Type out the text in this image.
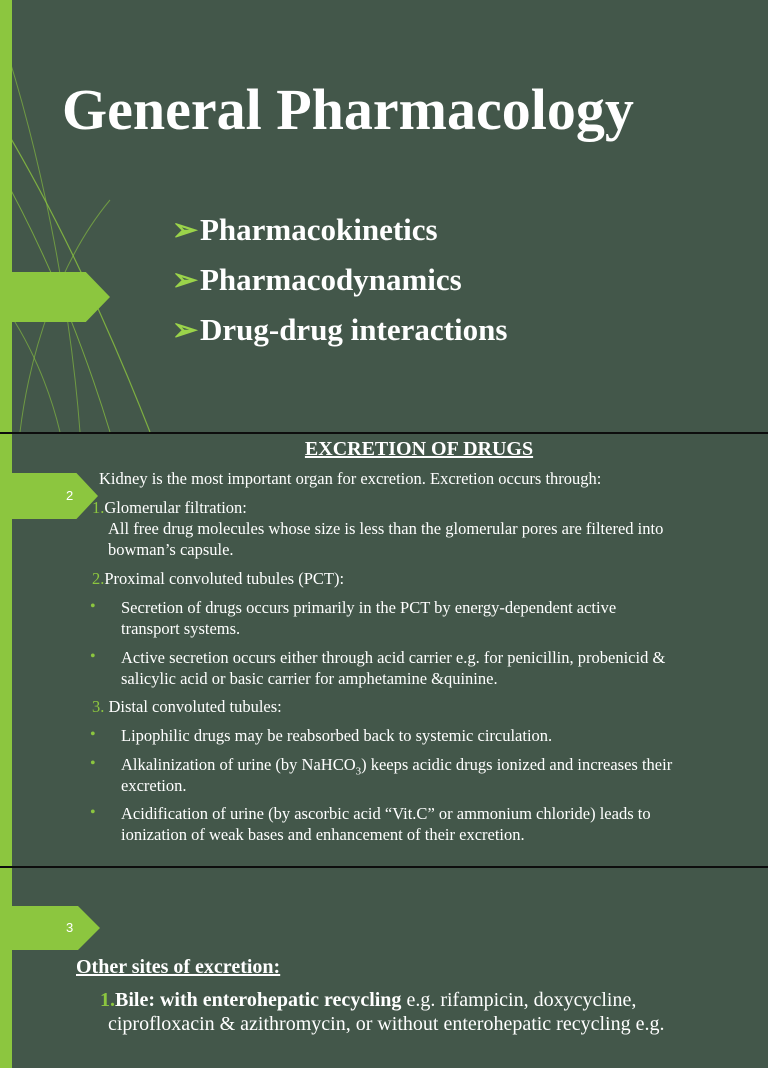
General Pharmacology
➢Pharmacokinetics
➢Pharmacodynamics
➢Drug-drug interactions
2
EXCRETION OF DRUGS

Kidney is the most important organ for excretion. Excretion occurs through:

1.Glomerular filtration:

All free drug molecules whose size is less than the glomerular pores are filtered into

bowman’s capsule.

2.Proximal convoluted tubules (PCT):

• Secretion of drugs occurs primarily in the PCT by energy-dependent active

transport systems.

• Active secretion occurs either through acid carrier e.g. for penicillin, probenicid &

salicylic acid or basic carrier for amphetamine &quinine.

3. Distal convoluted tubules:

• Lipophilic drugs may be reabsorbed back to systemic circulation.

• Alkalinization of urine (by NaHCO$_3$) keeps acidic drugs ionized and increases their

excretion.

• Acidification of urine (by ascorbic acid “Vit.C” or ammonium chloride) leads to

ionization of weak bases and enhancement of their excretion.

3
Other sites of excretion:

1.Bile: with enterohepatic recycling e.g. rifampicin, doxycycline,

ciprofloxacin & azithromycin, or without enterohepatic recycling e.g.
